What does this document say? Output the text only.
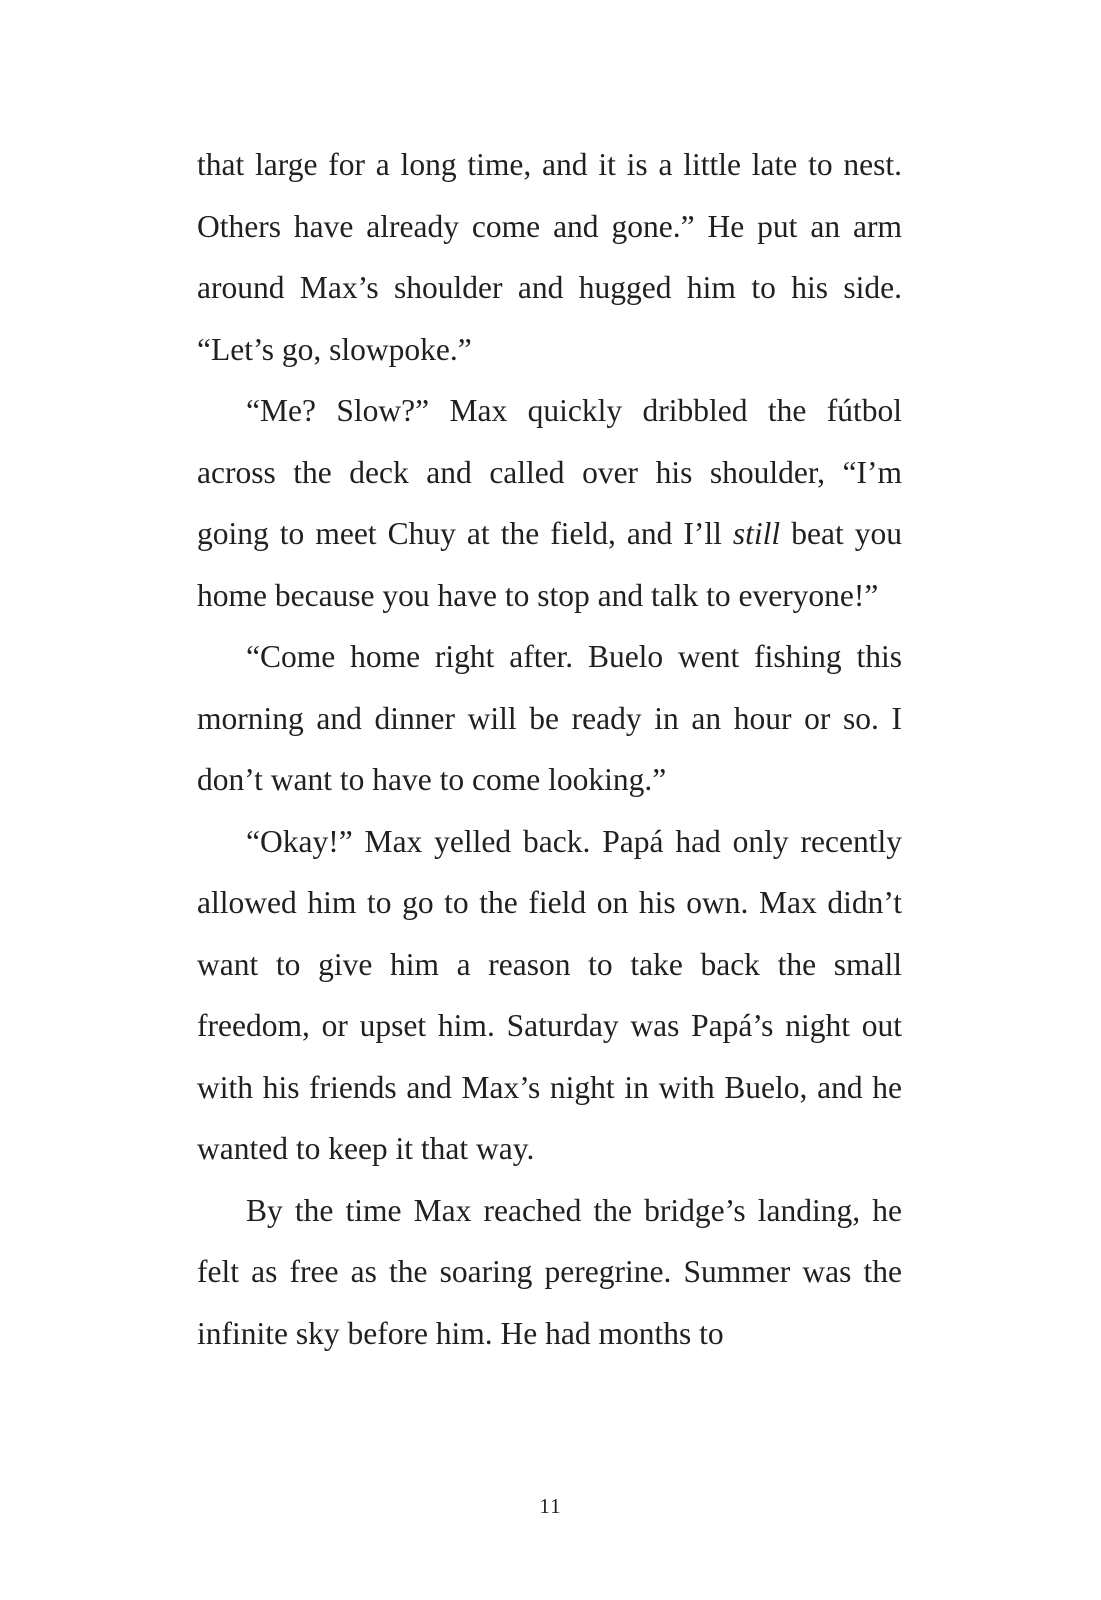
that large for a long time, and it is a little late to nest. Others have already come and gone.” He put an arm around Max’s shoulder and hugged him to his side. “Let’s go, slowpoke.”

“Me? Slow?” Max quickly dribbled the fútbol across the deck and called over his shoulder, “I’m going to meet Chuy at the field, and I’ll still beat you home because you have to stop and talk to everyone!”

“Come home right after. Buelo went fishing this morning and dinner will be ready in an hour or so. I don’t want to have to come looking.”

“Okay!” Max yelled back. Papá had only recently allowed him to go to the field on his own. Max didn’t want to give him a reason to take back the small freedom, or upset him. Saturday was Papá’s night out with his friends and Max’s night in with Buelo, and he wanted to keep it that way.

By the time Max reached the bridge’s landing, he felt as free as the soaring peregrine. Summer was the infinite sky before him. He had months to

11
